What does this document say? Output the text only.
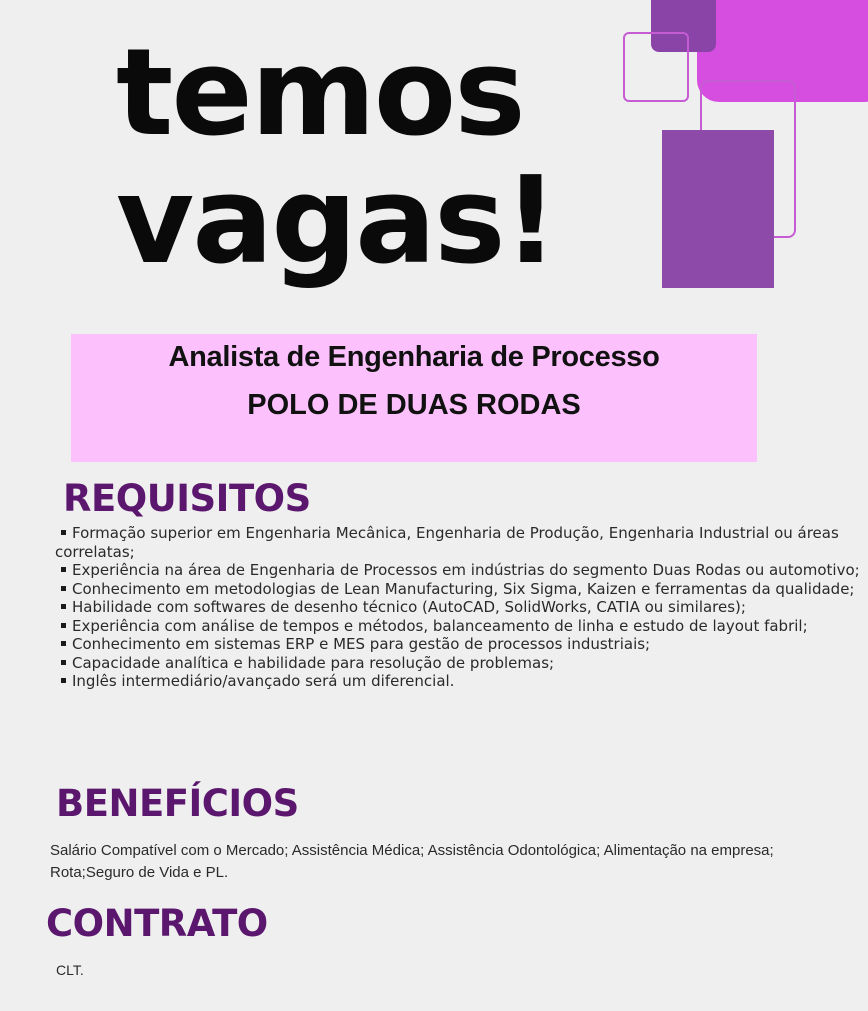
temos
vagas!
Analista de Engenharia de Processo
POLO DE DUAS RODAS
REQUISITOS
Formação superior em Engenharia Mecânica, Engenharia de Produção, Engenharia Industrial ou áreas correlatas;
Experiência na área de Engenharia de Processos em indústrias do segmento Duas Rodas ou automotivo;
Conhecimento em metodologias de Lean Manufacturing, Six Sigma, Kaizen e ferramentas da qualidade;
Habilidade com softwares de desenho técnico (AutoCAD, SolidWorks, CATIA ou similares);
Experiência com análise de tempos e métodos, balanceamento de linha e estudo de layout fabril;
Conhecimento em sistemas ERP e MES para gestão de processos industriais;
Capacidade analítica e habilidade para resolução de problemas;
Inglês intermediário/avançado será um diferencial.
BENEFÍCIOS
Salário Compatível com o Mercado; Assistência Médica; Assistência Odontológica; Alimentação na empresa;
Rota;Seguro de Vida e PL.
CONTRATO
CLT.
